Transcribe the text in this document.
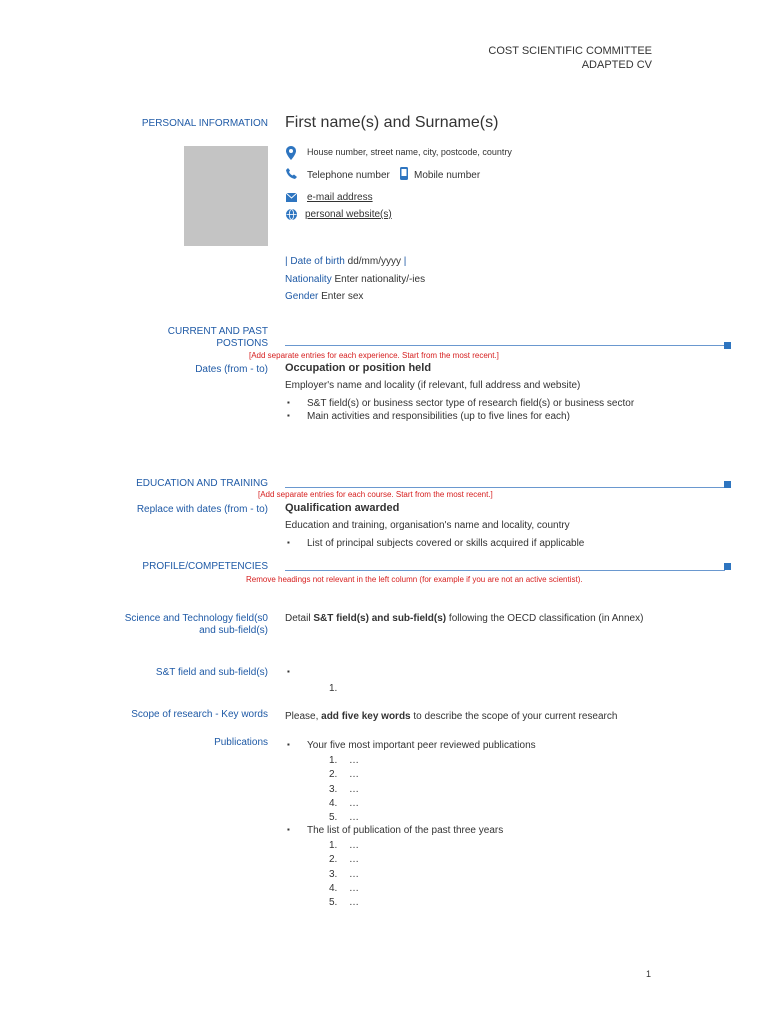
COST SCIENTIFIC COMMITTEE
ADAPTED CV
PERSONAL INFORMATION First name(s) and Surname(s)
House number, street name, city, postcode, country
Telephone number Mobile number
e-mail address
personal website(s)
| Date of birth dd/mm/yyyy |
Nationality Enter nationality/-ies
Gender Enter sex
CURRENT AND PAST
POSTIONS
[Add separate entries for each experience. Start from the most recent.]
Dates (from - to) Occupation or position held
Employer's name and locality (if relevant, full address and website)
▪ S&T field(s) or business sector type of research field(s) or business sector
▪ Main activities and responsibilities (up to five lines for each)
EDUCATION AND TRAINING
[Add separate entries for each course. Start from the most recent.]
Replace with dates (from - to) Qualification awarded
Education and training, organisation's name and locality, country
▪ List of principal subjects covered or skills acquired if applicable
PROFILE/COMPETENCIES
Remove headings not relevant in the left column (for example if you are not an active scientist).
Science and Technology field(s0
and sub-field(s)
Detail S&T field(s) and sub-field(s) following the OECD classification (in Annex)
S&T field and sub-field(s) ▪
1.
Scope of research - Key words Please, add five key words to describe the scope of your current research
Publications
▪	Your five most important peer reviewed publications
1. …
2. …
3. …
4. …
5. …
▪ The list of publication of the past three years
1. …
2. …
3. …
4. …
5. …
1
